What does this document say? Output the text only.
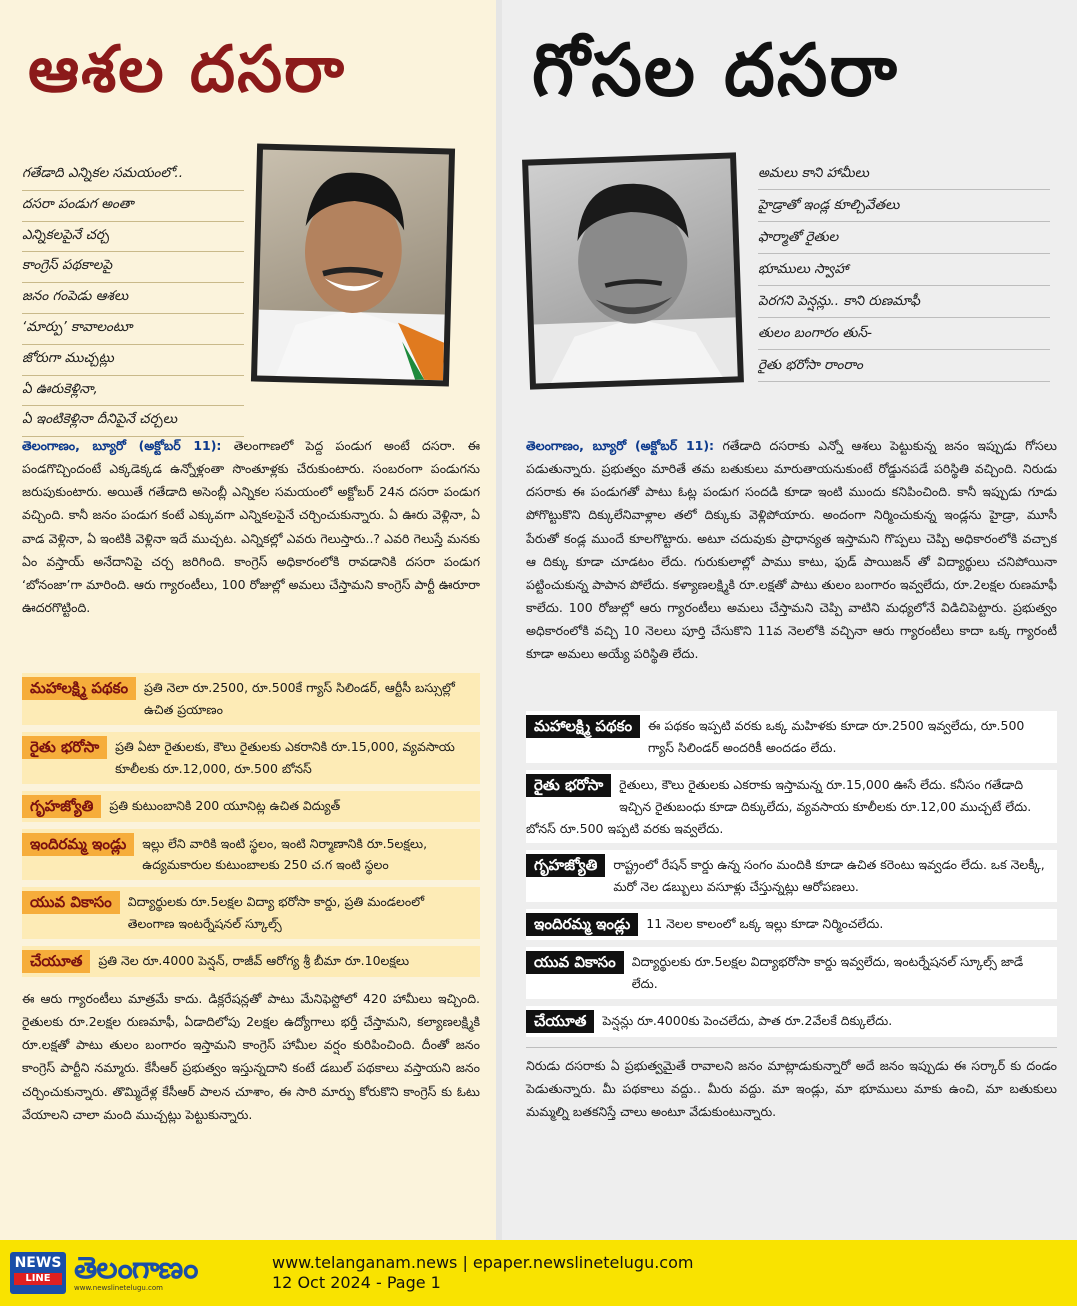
ఆశల దసరా
గతేడాది ఎన్నికల సమయంలో..
దసరా పండుగ అంతా
ఎన్నికలపైనే చర్చ
కాంగ్రెస్ పథకాలపై
జనం గంపెడు ఆశలు
‘మార్పు’ కావాలంటూ
జోరుగా ముచ్చట్లు
ఏ ఊరుకెళ్లినా,
ఏ ఇంటికెళ్లినా దీనిపైనే చర్చలు
తెలంగాణం, బ్యూరో (అక్టోబర్ 11): తెలంగాణలో పెద్ద పండుగ అంటే దసరా. ఈ పండగొచ్చిందంటే ఎక్కడెక్కడ ఉన్నోళ్లంతా సొంతూళ్లకు చేరుకుంటారు. సంబరంగా పండుగను జరుపుకుంటారు. అయితే గతేడాది అసెంబ్లీ ఎన్నికల సమయంలో అక్టోబర్ 24న దసరా పండుగ వచ్చింది. కానీ జనం పండుగ కంటే ఎక్కువగా ఎన్నికలపైనే చర్చించుకున్నారు. ఏ ఊరు వెళ్లినా, ఏ వాడ వెళ్లినా, ఏ ఇంటికి వెళ్లినా ఇదే ముచ్చట. ఎన్నికల్లో ఎవరు గెలుస్తారు..? ఎవరి గెలుస్తే మనకు ఏం వస్తాయ్ అనేదానిపై చర్చ జరిగింది. కాంగ్రెస్ అధికారంలోకి రావడానికి దసరా పండుగ ‘బోనంజా’గా మారింది. ఆరు గ్యారంటీలు, 100 రోజుల్లో అమలు చేస్తామని కాంగ్రెస్ పార్టీ ఊరూరా ఊదరగొట్టింది.
మహాలక్ష్మి పథకం	ప్రతి నెలా రూ.2500, రూ.500కే గ్యాస్ సిలిండర్, ఆర్టీసీ బస్సుల్లో ఉచిత ప్రయాణం
రైతు భరోసా	ప్రతి ఏటా రైతులకు, కౌలు రైతులకు ఎకరానికి రూ.15,000, వ్యవసాయ కూలీలకు రూ.12,000, రూ.500 బోనస్
గృహజ్యోతి	ప్రతి కుటుంబానికి 200 యూనిట్ల ఉచిత విద్యుత్
ఇందిరమ్మ ఇండ్లు	ఇల్లు లేని వారికి ఇంటి స్థలం, ఇంటి నిర్మాణానికి రూ.5లక్షలు, ఉద్యమకారుల కుటుంబాలకు 250 చ.గ ఇంటి స్థలం
యువ వికాసం	విద్యార్థులకు రూ.5లక్షల విద్యా భరోసా కార్డు, ప్రతి మండలంలో తెలంగాణ ఇంటర్నేషనల్ స్కూల్స్
చేయూత	ప్రతి నెల రూ.4000 పెన్షన్, రాజీవ్ ఆరోగ్య శ్రీ బీమా రూ.10లక్షలు
ఈ ఆరు గ్యారంటీలు మాత్రమే కాదు. డిక్లరేషన్లతో పాటు మేనిఫెస్టోలో 420 హామీలు ఇచ్చింది. రైతులకు రూ.2లక్షల రుణమాఫీ, ఏడాదిలోపు 2లక్షల ఉద్యోగాలు భర్తీ చేస్తామని, కల్యాణలక్ష్మికి రూ.లక్షతో పాటు తులం బంగారం ఇస్తామని కాంగ్రెస్ హామీల వర్షం కురిపించింది. దీంతో జనం కాంగ్రెస్ పార్టీని నమ్మారు. కేసీఆర్ ప్రభుత్వం ఇస్తున్నదాని కంటే డబుల్ పథకాలు వస్తాయని జనం చర్చించుకున్నారు. తొమ్మిదేళ్ల కేసీఆర్ పాలన చూశాం, ఈ సారి మార్పు కోరుకొని కాంగ్రెస్ కు ఓటు వేయాలని చాలా మంది ముచ్చట్లు పెట్టుకున్నారు.
గోసల దసరా
అమలు కాని హామీలు
హైడ్రాతో ఇండ్ల కూల్చివేతలు
ఫార్మాతో రైతుల
భూములు స్వాహా
పెరగని పెన్షన్లు.. కాని రుణమాఫీ
తులం బంగారం తుస్-
రైతు భరోసా రాంరాం
తెలంగాణం, బ్యూరో (అక్టోబర్ 11): గతేడాది దసరాకు ఎన్నో ఆశలు పెట్టుకున్న జనం ఇప్పుడు గోసలు పడుతున్నారు. ప్రభుత్వం మారితే తమ బతుకులు మారుతాయనుకుంటే రోడ్డునపడే పరిస్థితి వచ్చింది. నిరుడు దసరాకు ఈ పండుగతో పాటు ఓట్ల పండుగ సందడి కూడా ఇంటి ముందు కనిపించింది. కానీ ఇప్పుడు గూడు పోగొట్టుకొని దిక్కులేనివాళ్లాల తలో దిక్కుకు వెళ్లిపోయారు. అందంగా నిర్మించుకున్న ఇండ్లను హైడ్రా, మూసీ పేరుతో కండ్ల ముందే కూలగొట్టారు. అటూ చదువుకు ప్రాధాన్యత ఇస్తామని గొప్పలు చెప్పి అధికారంలోకి వచ్చాక ఆ దిక్కు కూడా చూడటం లేదు. గురుకులాల్లో పాము కాటు, ఫుడ్ పాయిజన్ తో విద్యార్థులు చనిపోయినా పట్టించుకున్న పాపాన పోలేదు. కళ్యాణలక్ష్మికి రూ.లక్షతో పాటు తులం బంగారం ఇవ్వలేదు, రూ.2లక్షల రుణమాఫీ కాలేదు. 100 రోజుల్లో ఆరు గ్యారంటీలు అమలు చేస్తామని చెప్పి వాటిని మధ్యలోనే విడిచిపెట్టారు. ప్రభుత్వం అధికారంలోకి వచ్చి 10 నెలలు పూర్తి చేసుకొని 11వ నెలలోకి వచ్చినా ఆరు గ్యారంటీలు కాదా ఒక్క గ్యారంటీ కూడా అమలు అయ్యే పరిస్థితి లేదు.
మహాలక్ష్మి పథకం	ఈ పథకం ఇప్పటి వరకు ఒక్క మహిళకు కూడా రూ.2500 ఇవ్వలేదు, రూ.500 గ్యాస్ సిలిండర్ అందరికీ అందడం లేదు.
రైతు భరోసా	రైతులు, కౌలు రైతులకు ఎకరాకు ఇస్తామన్న రూ.15,000 ఊసే లేదు. కనీసం గతేడాది ఇచ్చిన రైతుబంధు కూడా దిక్కులేదు, వ్యవసాయ కూలీలకు రూ.12,00 ముచ్చటే లేదు. బోనస్ రూ.500 ఇప్పటి వరకు ఇవ్వలేదు.
గృహజ్యోతి	రాష్ట్రంలో రేషన్ కార్డు ఉన్న సంగం మందికి కూడా ఉచిత కరెంటు ఇవ్వడం లేదు. ఒక నెలక్కీ, మరో నెల డబ్బులు వసూళ్లు చేస్తున్నట్లు ఆరోపణలు.
ఇందిరమ్మ ఇండ్లు	11 నెలల కాలంలో ఒక్క ఇల్లు కూడా నిర్మించలేదు.
యువ వికాసం	విద్యార్థులకు రూ.5లక్షల విద్యాభరోసా కార్డు ఇవ్వలేదు, ఇంటర్నేషనల్ స్కూల్స్ జాడే లేదు.
చేయూత	పెన్షన్లు రూ.4000కు పెంచలేదు, పాత రూ.2వేలకే దిక్కులేదు.
నిరుడు దసరాకు ఏ ప్రభుత్వమైతే రావాలని జనం మాట్లాడుకున్నారో అదే జనం ఇప్పుడు ఈ సర్కార్ కు దండం పెడుతున్నారు. మీ పథకాలు వద్దు.. మీరు వద్దు. మా ఇండ్లు, మా భూములు మాకు ఉంచి, మా బతుకులు మమ్మల్ని బతకనిస్తే చాలు అంటూ వేడుకుంటున్నారు.
NEWS
LINE తెలంగాణం
www.newslinetelugu.com
www.telanganam.news | epaper.newslinetelugu.com
12 Oct 2024 - Page 1
